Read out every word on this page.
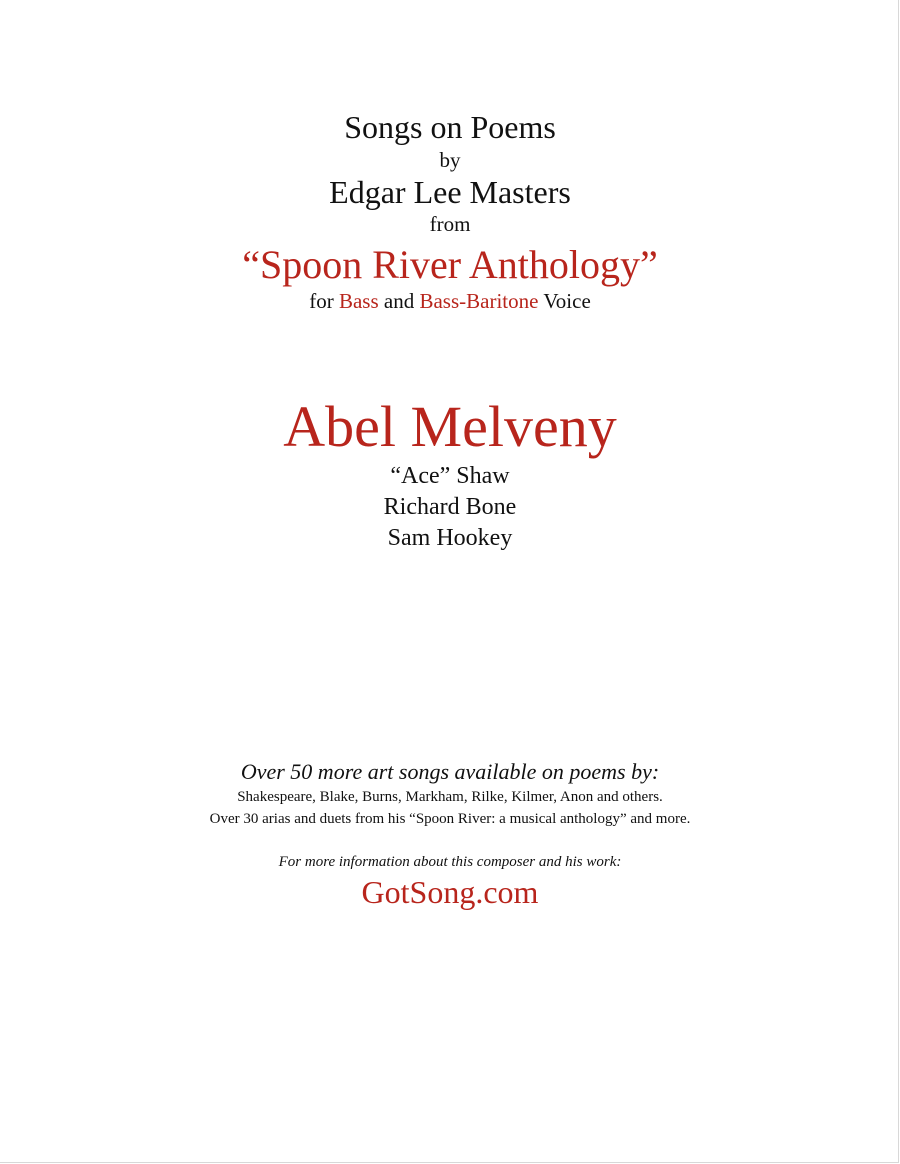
Songs on Poems
by
Edgar Lee Masters
from
“Spoon River Anthology”
for Bass and Bass-Baritone Voice
Abel Melveny
“Ace” Shaw
Richard Bone
Sam Hookey
Over 50 more art songs available on poems by:
Shakespeare, Blake, Burns, Markham, Rilke, Kilmer, Anon and others.
Over 30 arias and duets from his “Spoon River: a musical anthology” and more.
For more information about this composer and his work:
GotSong.com
